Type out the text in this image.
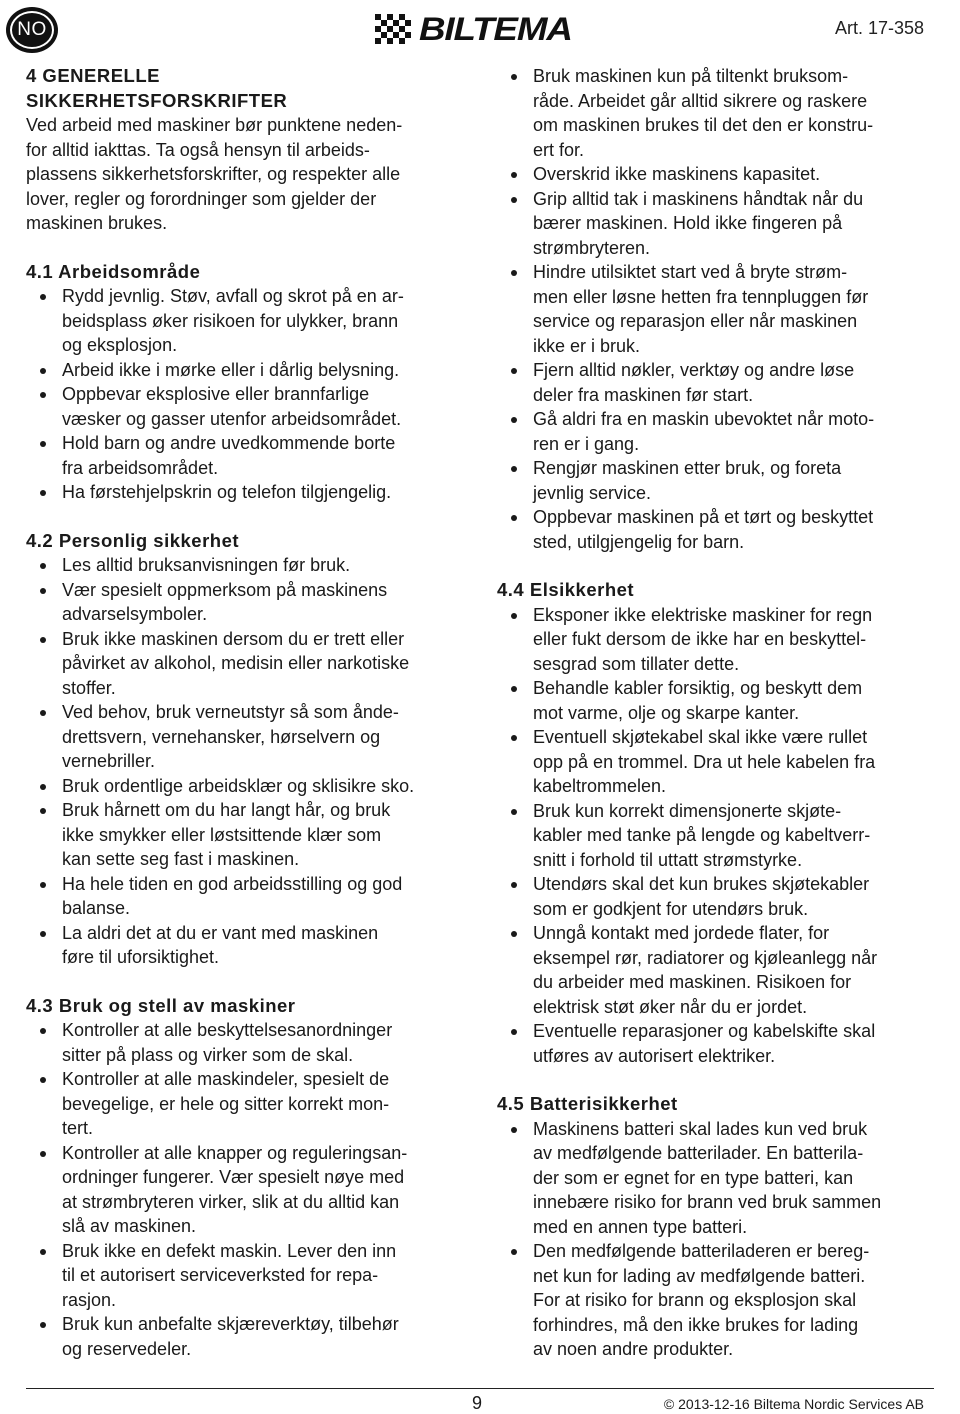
NO	BILTEMA	Art. 17-358
4 GENERELLE
SIKKERHETSFORSKRIFTER
Ved arbeid med maskiner bør punktene neden-
for alltid iakttas. Ta også hensyn til arbeids-
plassens sikkerhetsforskrifter, og respekter alle
lover, regler og forordninger som gjelder der
maskinen brukes.
4.1 Arbeidsområde
Rydd jevnlig. Støv, avfall og skrot på en ar-
beidsplass øker risikoen for ulykker, brann
og eksplosjon.
Arbeid ikke i mørke eller i dårlig belysning.
Oppbevar eksplosive eller brannfarlige
væsker og gasser utenfor arbeidsområdet.
Hold barn og andre uvedkommende borte
fra arbeidsområdet.
Ha førstehjelpskrin og telefon tilgjengelig.
4.2 Personlig sikkerhet
Les alltid bruksanvisningen før bruk.
Vær spesielt oppmerksom på maskinens
advarselsymboler.
Bruk ikke maskinen dersom du er trett eller
påvirket av alkohol, medisin eller narkotiske
stoffer.
Ved behov, bruk verneutstyr så som ånde-
drettsvern, vernehansker, hørselvern og
vernebriller.
Bruk ordentlige arbeidsklær og sklisikre sko.
Bruk hårnett om du har langt hår, og bruk
ikke smykker eller løstsittende klær som
kan sette seg fast i maskinen.
Ha hele tiden en god arbeidsstilling og god
balanse.
La aldri det at du er vant med maskinen
føre til uforsiktighet.
4.3 Bruk og stell av maskiner
Kontroller at alle beskyttelsesanordninger
sitter på plass og virker som de skal.
Kontroller at alle maskindeler, spesielt de
bevegelige, er hele og sitter korrekt mon-
tert.
Kontroller at alle knapper og reguleringsan-
ordninger fungerer. Vær spesielt nøye med
at strømbryteren virker, slik at du alltid kan
slå av maskinen.
Bruk ikke en defekt maskin. Lever den inn
til et autorisert serviceverksted for repa-
rasjon.
Bruk kun anbefalte skjæreverktøy, tilbehør
og reservedeler.
Bruk maskinen kun på tiltenkt bruksom-
råde. Arbeidet går alltid sikrere og raskere
om maskinen brukes til det den er konstru-
ert for.
Overskrid ikke maskinens kapasitet.
Grip alltid tak i maskinens håndtak når du
bærer maskinen. Hold ikke fingeren på
strømbryteren.
Hindre utilsiktet start ved å bryte strøm-
men eller løsne hetten fra tennpluggen før
service og reparasjon eller når maskinen
ikke er i bruk.
Fjern alltid nøkler, verktøy og andre løse
deler fra maskinen før start.
Gå aldri fra en maskin ubevoktet når moto-
ren er i gang.
Rengjør maskinen etter bruk, og foreta
jevnlig service.
Oppbevar maskinen på et tørt og beskyttet
sted, utilgjengelig for barn.
4.4 Elsikkerhet
Eksponer ikke elektriske maskiner for regn
eller fukt dersom de ikke har en beskyttel-
sesgrad som tillater dette.
Behandle kabler forsiktig, og beskytt dem
mot varme, olje og skarpe kanter.
Eventuell skjøtekabel skal ikke være rullet
opp på en trommel. Dra ut hele kabelen fra
kabeltrommelen.
Bruk kun korrekt dimensjonerte skjøte-
kabler med tanke på lengde og kabeltverr-
snitt i forhold til uttatt strømstyrke.
Utendørs skal det kun brukes skjøtekabler
som er godkjent for utendørs bruk.
Unngå kontakt med jordede flater, for
eksempel rør, radiatorer og kjøleanlegg når
du arbeider med maskinen. Risikoen for
elektrisk støt øker når du er jordet.
Eventuelle reparasjoner og kabelskifte skal
utføres av autorisert elektriker.
4.5 Batterisikkerhet
Maskinens batteri skal lades kun ved bruk
av medfølgende batterilader. En batterila-
der som er egnet for en type batteri, kan
innebære risiko for brann ved bruk sammen
med en annen type batteri.
Den medfølgende batteriladeren er bereg-
net kun for lading av medfølgende batteri.
For at risiko for brann og eksplosjon skal
forhindres, må den ikke brukes for lading
av noen andre produkter.
9	© 2013-12-16 Biltema Nordic Services AB
